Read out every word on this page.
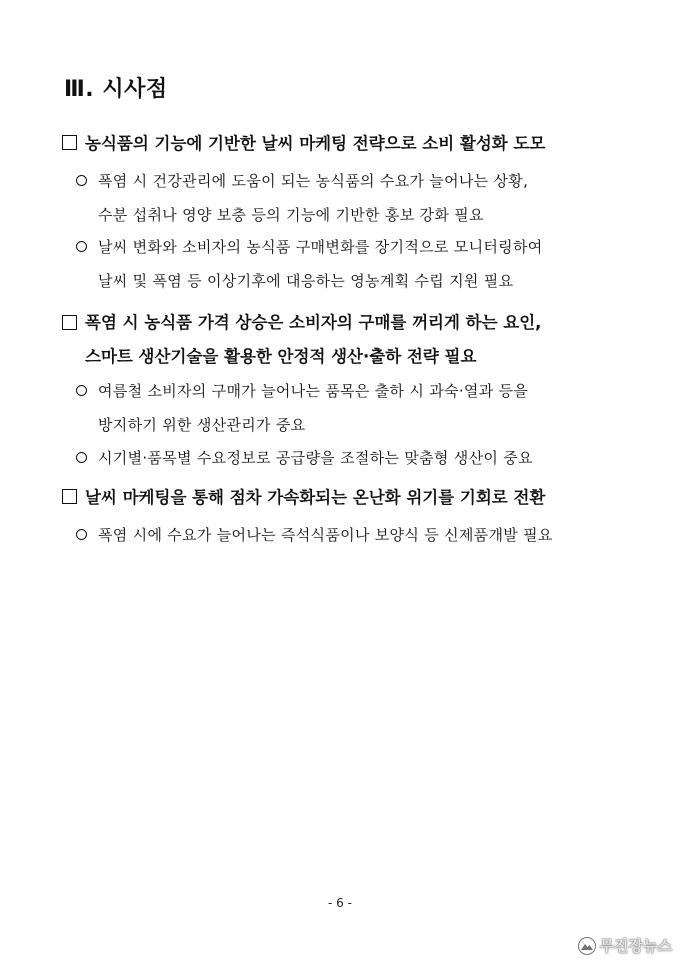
Ⅲ. 시사점
농식품의 기능에 기반한 날씨 마케팅 전략으로 소비 활성화 도모
폭염 시 건강관리에 도움이 되는 농식품의 수요가 늘어나는 상황,
수분 섭취나 영양 보충 등의 기능에 기반한 홍보 강화 필요
날씨 변화와 소비자의 농식품 구매변화를 장기적으로 모니터링하여
날씨 및 폭염 등 이상기후에 대응하는 영농계획 수립 지원 필요
폭염 시 농식품 가격 상승은 소비자의 구매를 꺼리게 하는 요인,
스마트 생산기술을 활용한 안정적 생산·출하 전략 필요
여름철 소비자의 구매가 늘어나는 품목은 출하 시 과숙·열과 등을
방지하기 위한 생산관리가 중요
시기별·품목별 수요정보로 공급량을 조절하는 맞춤형 생산이 중요
날씨 마케팅을 통해 점차 가속화되는 온난화 위기를 기회로 전환
폭염 시에 수요가 늘어나는 즉석식품이나 보양식 등 신제품개발 필요
- 6 -
무진장뉴스
